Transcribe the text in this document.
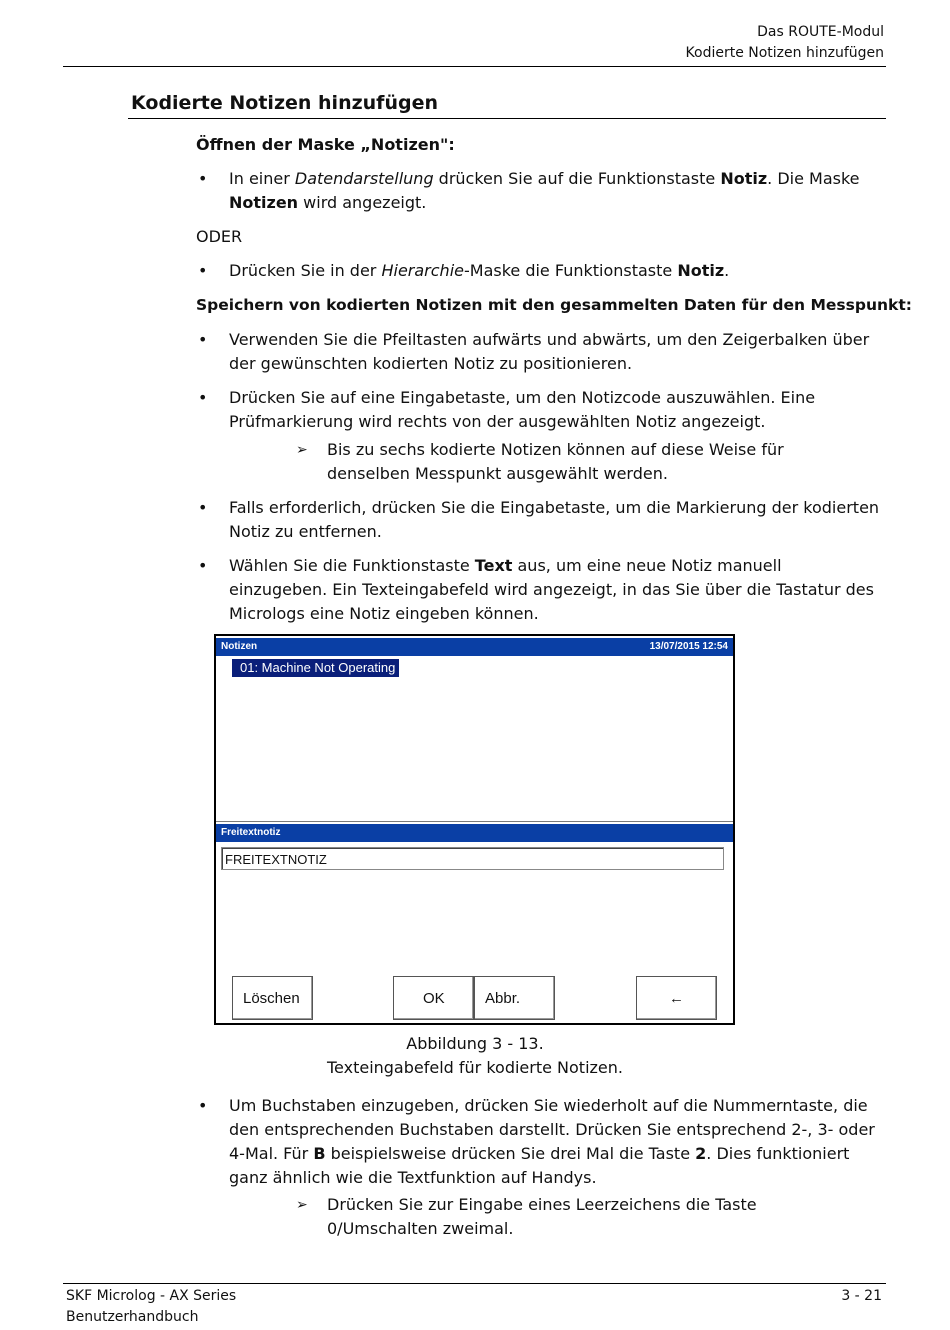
Das ROUTE-Modul
Kodierte Notizen hinzufügen
Kodierte Notizen hinzufügen
Öffnen der Maske „Notizen":
• In einer Datendarstellung drücken Sie auf die Funktionstaste Notiz. Die Maske Notizen wird angezeigt.
ODER
• Drücken Sie in der Hierarchie-Maske die Funktionstaste Notiz.
Speichern von kodierten Notizen mit den gesammelten Daten für den Messpunkt:
• Verwenden Sie die Pfeiltasten aufwärts und abwärts, um den Zeigerbalken über der gewünschten kodierten Notiz zu positionieren.
• Drücken Sie auf eine Eingabetaste, um den Notizcode auszuwählen. Eine Prüfmarkierung wird rechts von der ausgewählten Notiz angezeigt.
➢ Bis zu sechs kodierte Notizen können auf diese Weise für denselben Messpunkt ausgewählt werden.
• Falls erforderlich, drücken Sie die Eingabetaste, um die Markierung der kodierten Notiz zu entfernen.
• Wählen Sie die Funktionstaste Text aus, um eine neue Notiz manuell einzugeben. Ein Texteingabefeld wird angezeigt, in das Sie über die Tastatur des Micrologs eine Notiz eingeben können.
Notizen	13/07/2015 12:54
01: Machine Not Operating
Freitextnotiz
FREITEXTNOTIZ
Löschen	OK	Abbr.	←
Abbildung 3 - 13.
Texteingabefeld für kodierte Notizen.
• Um Buchstaben einzugeben, drücken Sie wiederholt auf die Nummerntaste, die den entsprechenden Buchstaben darstellt. Drücken Sie entsprechend 2-, 3- oder 4-Mal. Für B beispielsweise drücken Sie drei Mal die Taste 2. Dies funktioniert ganz ähnlich wie die Textfunktion auf Handys.
➢ Drücken Sie zur Eingabe eines Leerzeichens die Taste 0/Umschalten zweimal.
SKF Microlog - AX Series
Benutzerhandbuch
3 - 21
